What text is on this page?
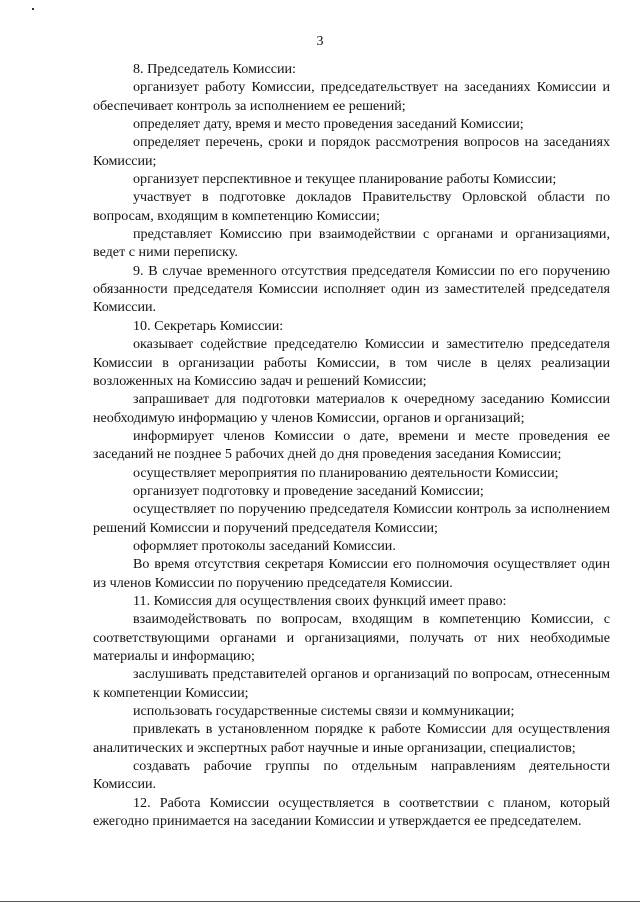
3

8. Председатель Комиссии:

организует работу Комиссии, председательствует на заседаниях Комиссии и обеспечивает контроль за исполнением ее решений;

определяет дату, время и место проведения заседаний Комиссии;

определяет перечень, сроки и порядок рассмотрения вопросов на заседаниях Комиссии;

организует перспективное и текущее планирование работы Комиссии;

участвует в подготовке докладов Правительству Орловской области по вопросам, входящим в компетенцию Комиссии;

представляет Комиссию при взаимодействии с органами и организациями, ведет с ними переписку.

9. В случае временного отсутствия председателя Комиссии по его поручению обязанности председателя Комиссии исполняет один из заместителей председателя Комиссии.

10. Секретарь Комиссии:

оказывает содействие председателю Комиссии и заместителю председателя Комиссии в организации работы Комиссии, в том числе в целях реализации возложенных на Комиссию задач и решений Комиссии;

запрашивает для подготовки материалов к очередному заседанию Комиссии необходимую информацию у членов Комиссии, органов и организаций;

информирует членов Комиссии о дате, времени и месте проведения ее заседаний не позднее 5 рабочих дней до дня проведения заседания Комиссии;

осуществляет мероприятия по планированию деятельности Комиссии;

организует подготовку и проведение заседаний Комиссии;

осуществляет по поручению председателя Комиссии контроль за исполнением решений Комиссии и поручений председателя Комиссии;

оформляет протоколы заседаний Комиссии.

Во время отсутствия секретаря Комиссии его полномочия осуществляет один из членов Комиссии по поручению председателя Комиссии.

11. Комиссия для осуществления своих функций имеет право:

взаимодействовать по вопросам, входящим в компетенцию Комиссии, с соответствующими органами и организациями, получать от них необходимые материалы и информацию;

заслушивать представителей органов и организаций по вопросам, отнесенным к компетенции Комиссии;

использовать государственные системы связи и коммуникации;

привлекать в установленном порядке к работе Комиссии для осуществления аналитических и экспертных работ научные и иные организации, специалистов;

создавать рабочие группы по отдельным направлениям деятельности Комиссии.

12. Работа Комиссии осуществляется в соответствии с планом, который ежегодно принимается на заседании Комиссии и утверждается ее председателем.
